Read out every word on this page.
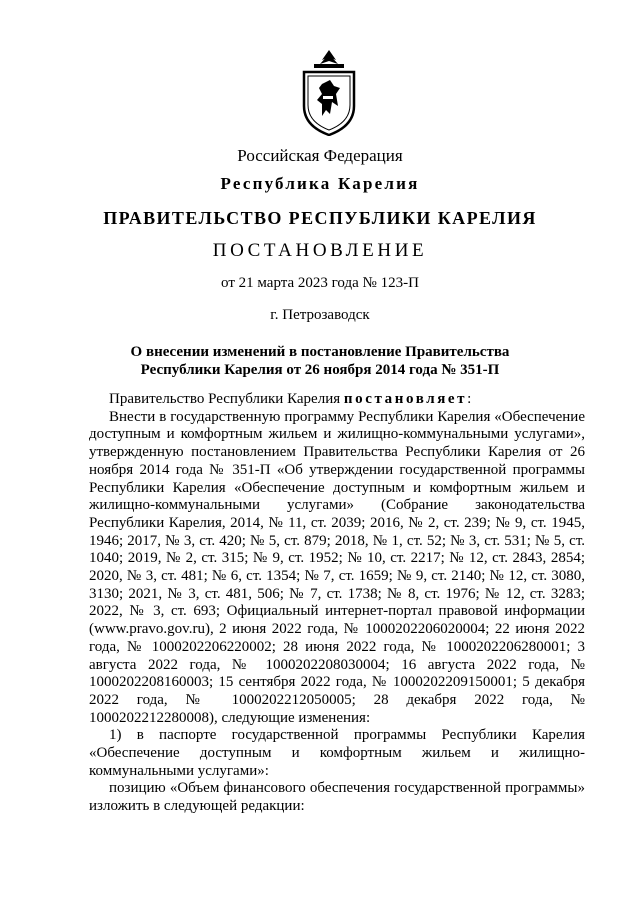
Российская Федерация
Республика Карелия
ПРАВИТЕЛЬСТВО РЕСПУБЛИКИ КАРЕЛИЯ
ПОСТАНОВЛЕНИЕ
от 21 марта 2023 года № 123-П
г. Петрозаводск
О внесении изменений в постановление Правительства
Республики Карелия от 26 ноября 2014 года № 351-П

Правительство Республики Карелия постановляет:

Внести в государственную программу Республики Карелия «Обеспечение доступным и комфортным жильем и жилищно-коммунальными услугами», утвержденную постановлением Правительства Республики Карелия от 26 ноября 2014 года № 351-П «Об утверждении государственной программы Республики Карелия «Обеспечение доступным и комфортным жильем и жилищно-коммунальными услугами» (Собрание законодательства Республики Карелия, 2014, № 11, ст. 2039; 2016, № 2, ст. 239; № 9, ст. 1945, 1946; 2017, № 3, ст. 420; № 5, ст. 879; 2018, № 1, ст. 52; № 3, ст. 531; № 5, ст. 1040; 2019, № 2, ст. 315; № 9, ст. 1952; № 10, ст. 2217; № 12, ст. 2843, 2854; 2020, № 3, ст. 481; № 6, ст. 1354; № 7, ст. 1659; № 9, ст. 2140; № 12, ст. 3080, 3130; 2021, № 3, ст. 481, 506; № 7, ст. 1738; № 8, ст. 1976; № 12, ст. 3283; 2022, № 3, ст. 693; Официальный интернет-портал правовой информации (www.pravo.gov.ru), 2 июня 2022 года, № 1000202206020004; 22 июня 2022 года, № 1000202206220002; 28 июня 2022 года, № 1000202206280001; 3 августа 2022 года, № 1000202208030004; 16 августа 2022 года, № 1000202208160003; 15 сентября 2022 года, № 1000202209150001; 5 декабря 2022 года, № 1000202212050005; 28 декабря 2022 года, № 1000202212280008), следующие изменения:

1) в паспорте государственной программы Республики Карелия «Обеспечение доступным и комфортным жильем и жилищно-коммунальными услугами»:

позицию «Объем финансового обеспечения государственной программы» изложить в следующей редакции:
